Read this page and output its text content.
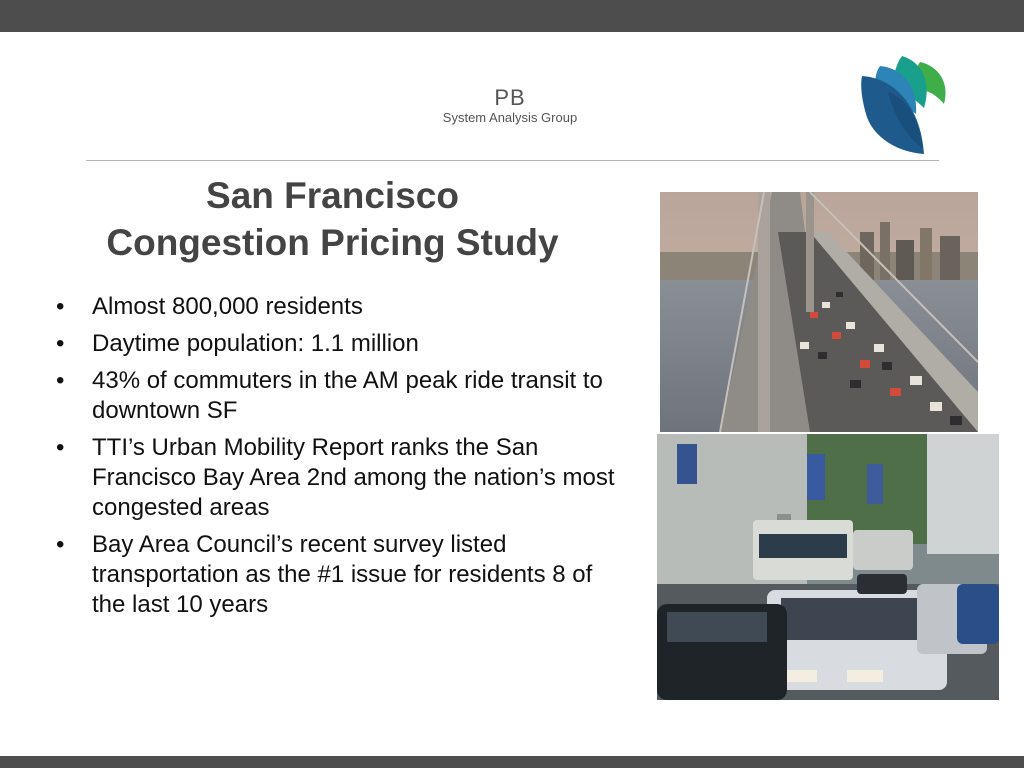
PB
System Analysis Group
San Francisco
Congestion Pricing Study
• Almost 800,000 residents
• Daytime population: 1.1 million
• 43% of commuters in the AM peak ride transit to downtown SF
• TTI’s Urban Mobility Report ranks the San Francisco Bay Area 2nd among the nation’s most congested areas
• Bay Area Council’s recent survey listed transportation as the #1 issue for residents 8 of the last 10 years
